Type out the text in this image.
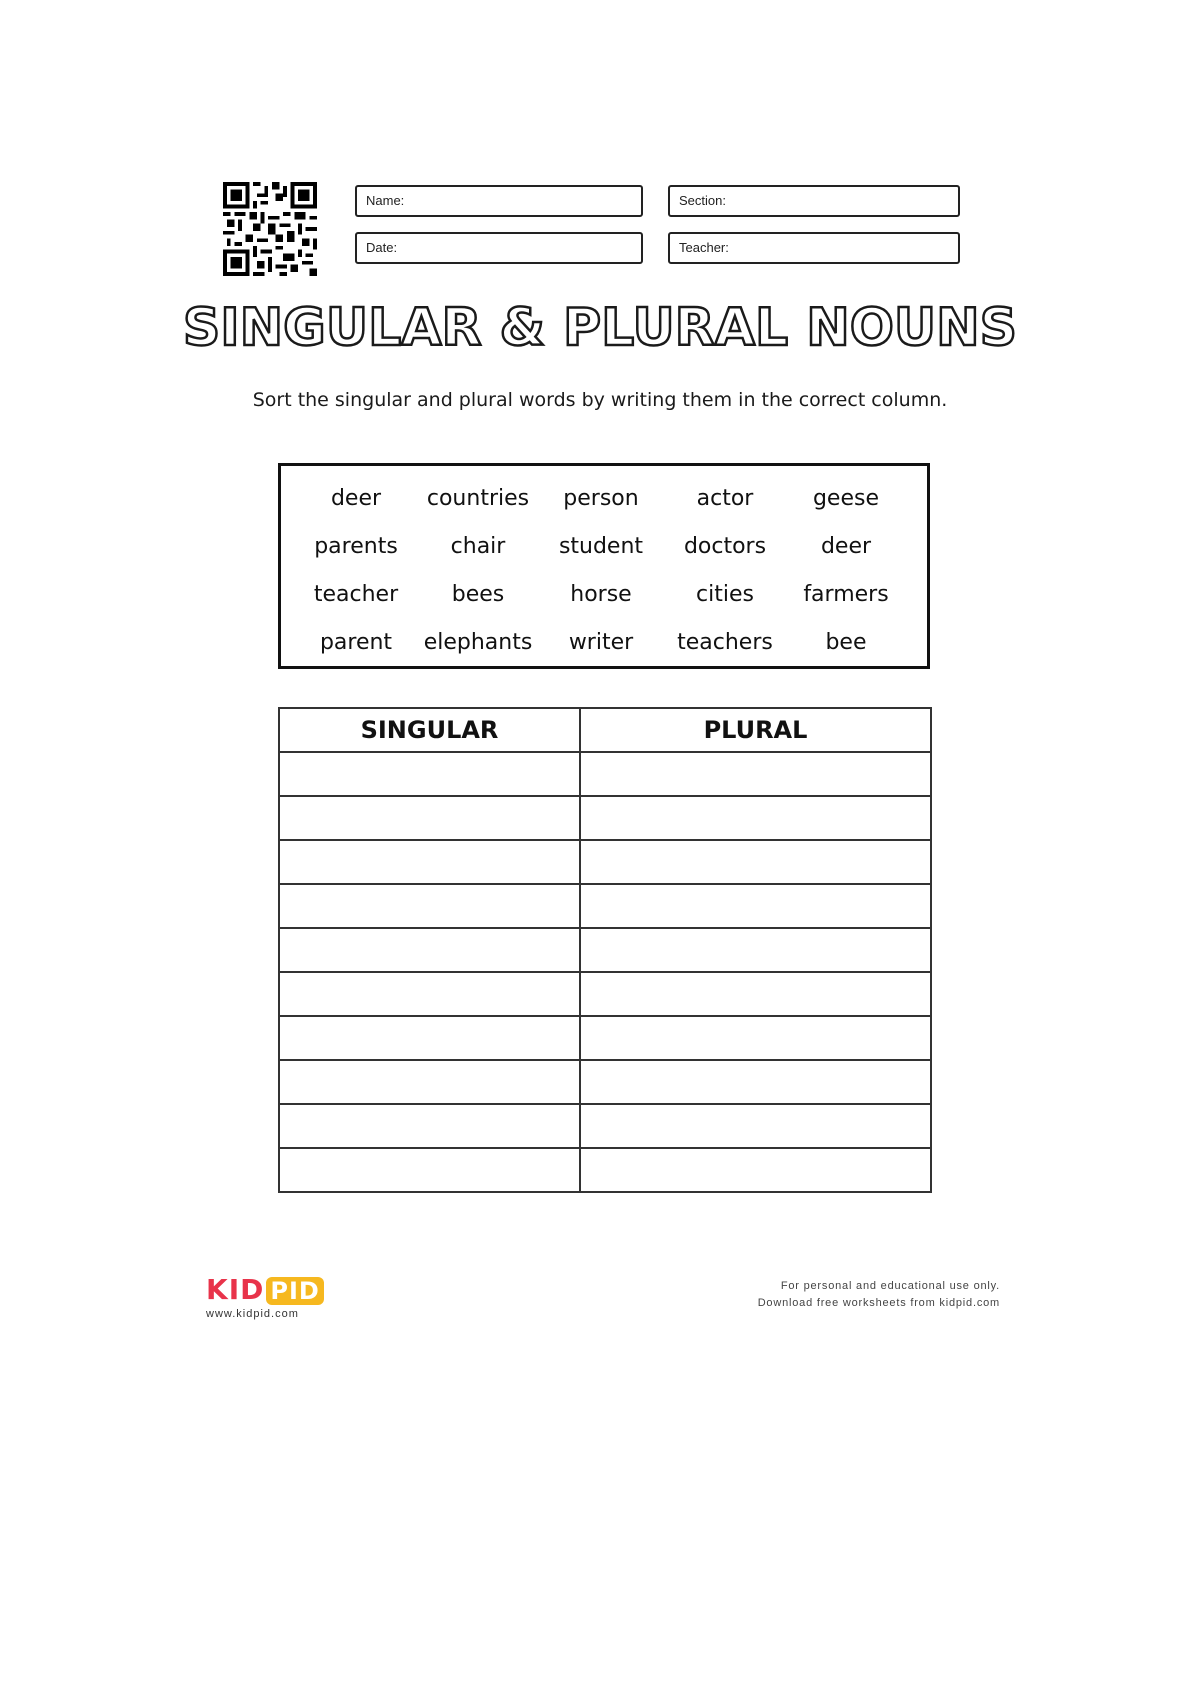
Name:	Section:
Date:	Teacher:
SINGULAR & PLURAL NOUNS

Sort the singular and plural words by writing them in the correct column.

deer	countries	person	actor	geese
parents	chair	student	doctors	deer
teacher	bees	horse	cities	farmers
parent	elephants	writer	teachers	bee
SINGULAR	PLURAL

KID PID
www.kidpid.com
For personal and educational use only.
Download free worksheets from kidpid.com
